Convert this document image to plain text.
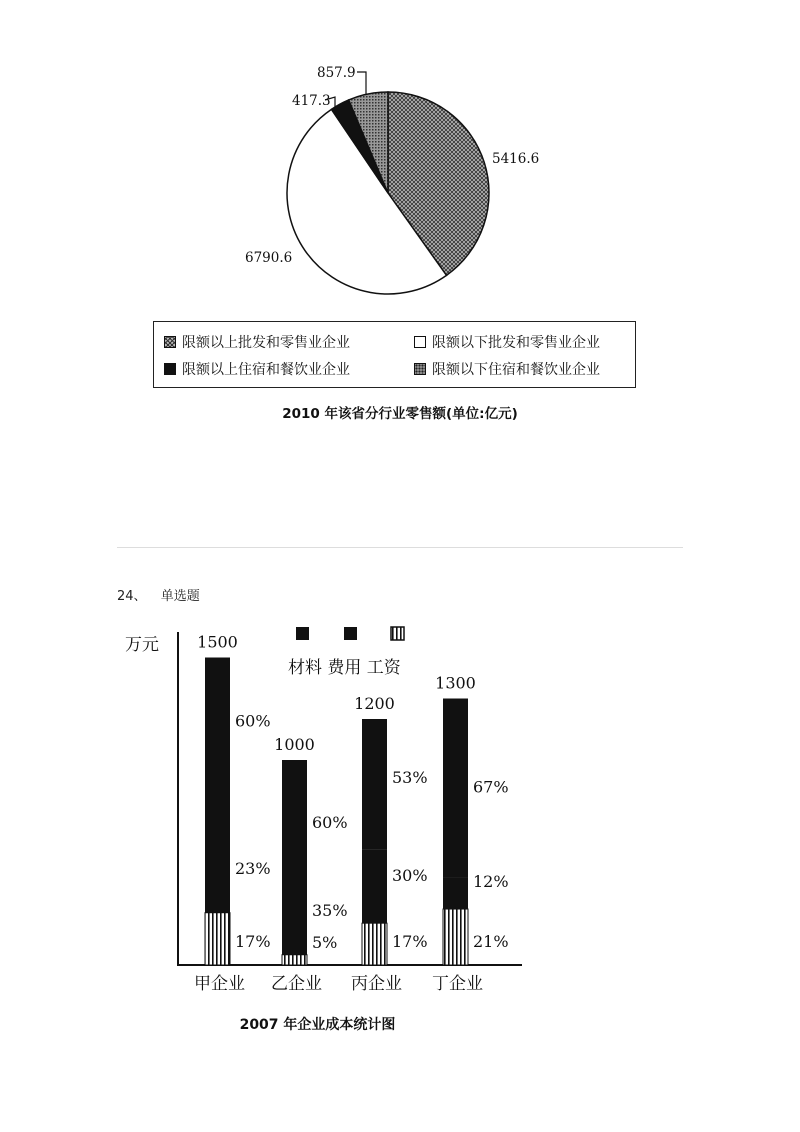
417.3
857.9
5416.6
6790.6
限额以上批发和零售业企业	限额以下批发和零售业企业
限额以上住宿和餐饮业企业	限额以下住宿和餐饮业企业
2010 年该省分行业零售额(单位:亿元)
24、 单选题
万元
材料 费用 工资
1500
60%
23%
17%
甲企业
1000
60%
35%
5%
乙企业
1200
53%
30%
17%
丙企业
1300
67%
12%
21%
丁企业
2007 年企业成本统计图
